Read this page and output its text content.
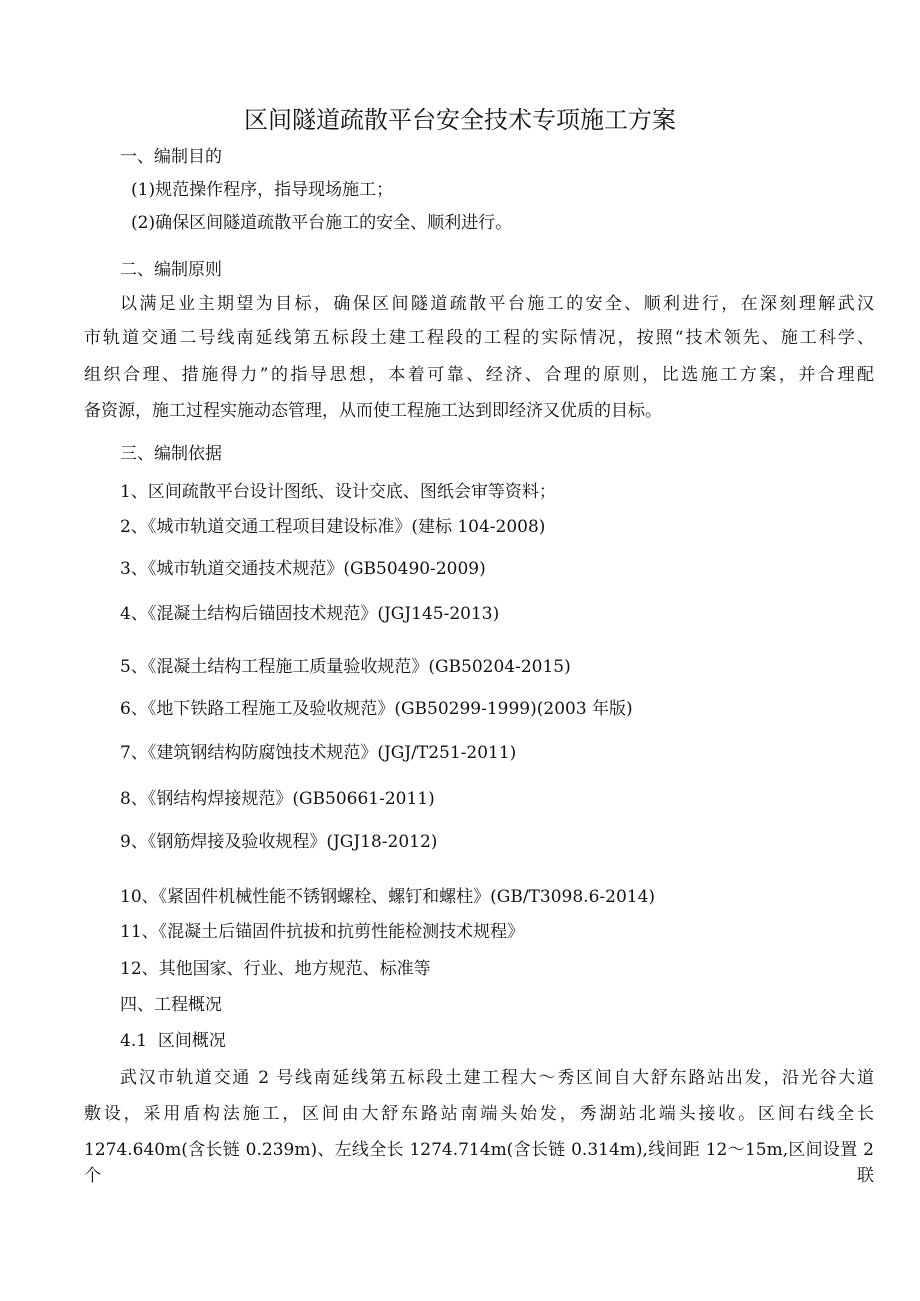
区间隧道疏散平台安全技术专项施工方案
一、编制目的
(1)规范操作程序，指导现场施工；
(2)确保区间隧道疏散平台施工的安全、顺利进行。
二、编制原则
以满足业主期望为目标，确保区间隧道疏散平台施工的安全、顺利进行，在深刻理解武汉
市轨道交通二号线南延线第五标段土建工程段的工程的实际情况，按照“技术领先、施工科学、
组织合理、措施得力”的指导思想，本着可靠、经济、合理的原则，比选施工方案，并合理配
备资源，施工过程实施动态管理，从而使工程施工达到即经济又优质的目标。
三、编制依据
1、区间疏散平台设计图纸、设计交底、图纸会审等资料；
2、《城市轨道交通工程项目建设标准》(建标 104-2008)
3、《城市轨道交通技术规范》(GB50490-2009)
4、《混凝土结构后锚固技术规范》(JGJ145-2013)
5、《混凝土结构工程施工质量验收规范》(GB50204-2015)
6、《地下铁路工程施工及验收规范》(GB50299-1999)(2003 年版)
7、《建筑钢结构防腐蚀技术规范》(JGJ/T251-2011)
8、《钢结构焊接规范》(GB50661-2011)
9、《钢筋焊接及验收规程》(JGJ18-2012)
10、《紧固件机械性能不锈钢螺栓、螺钉和螺柱》(GB/T3098.6-2014)
11、《混凝土后锚固件抗拔和抗剪性能检测技术规程》
12、其他国家、行业、地方规范、标准等
四、工程概况
4.1  区间概况
武汉市轨道交通 2 号线南延线第五标段土建工程大～秀区间自大舒东路站出发，沿光谷大道
敷设，采用盾构法施工，区间由大舒东路站南端头始发，秀湖站北端头接收。区间右线全长
1274.640m(含长链 0.239m)、左线全长 1274.714m(含长链 0.314m),线间距 12～15m,区间设置 2 个联
